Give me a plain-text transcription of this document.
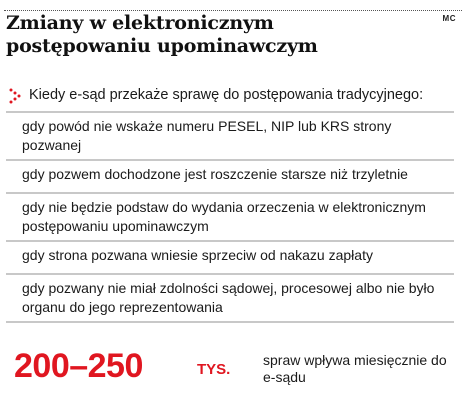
MC
Zmiany w elektronicznym
postępowaniu upominawczym
Kiedy e-sąd przekaże sprawę do postępowania tradycyjnego:
gdy powód nie wskaże numeru PESEL, NIP lub KRS strony pozwanej
gdy pozwem dochodzone jest roszczenie starsze niż trzyletnie
gdy nie będzie podstaw do wydania orzeczenia w elektronicznym postępowaniu upominawczym
gdy strona pozwana wniesie sprzeciw od nakazu zapłaty
gdy pozwany nie miał zdolności sądowej, procesowej albo nie było organu do jego reprezentowania
200–250	TYS.
spraw wpływa miesięcznie do e-sądu
